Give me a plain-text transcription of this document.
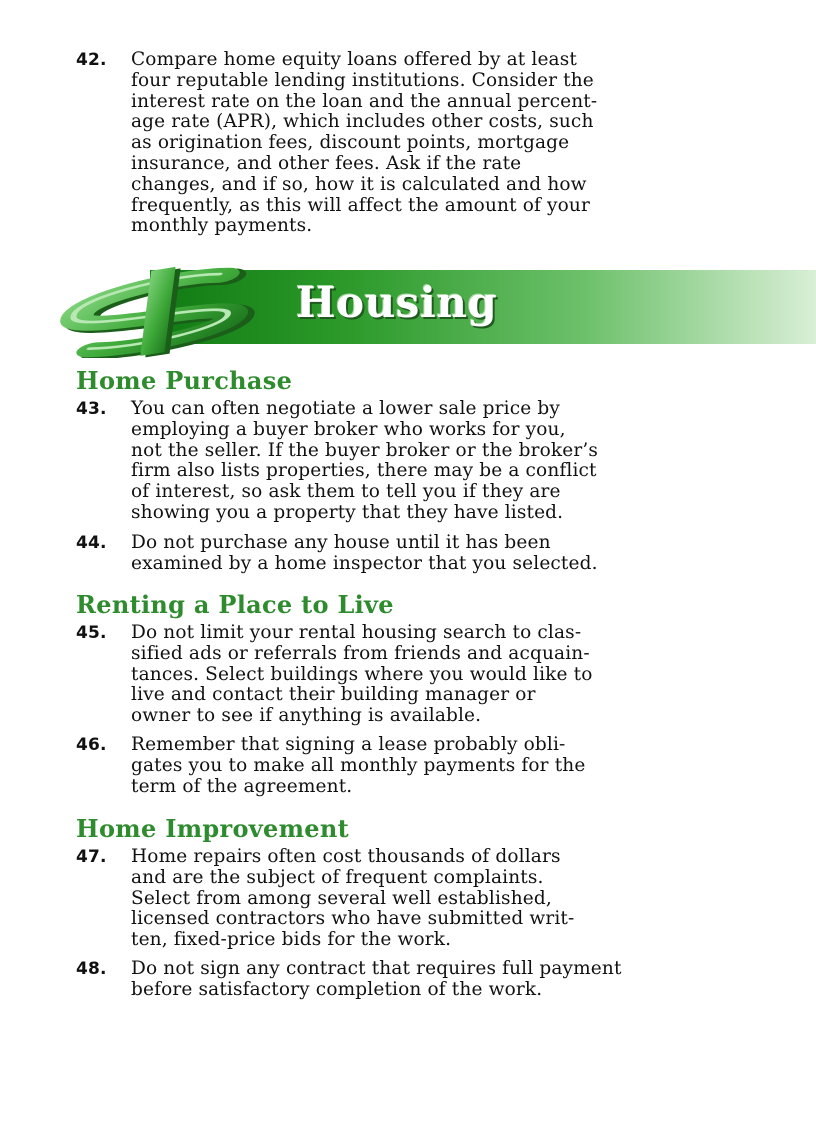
42. Compare home equity loans offered by at least
four reputable lending institutions. Consider the
interest rate on the loan and the annual percent-
age rate (APR), which includes other costs, such
as origination fees, discount points, mortgage
insurance, and other fees. Ask if the rate
changes, and if so, how it is calculated and how
frequently, as this will affect the amount of your
monthly payments.
Housing
Home Purchase
43. You can often negotiate a lower sale price by
employing a buyer broker who works for you,
not the seller. If the buyer broker or the broker’s
firm also lists properties, there may be a conflict
of interest, so ask them to tell you if they are
showing you a property that they have listed.
44. Do not purchase any house until it has been
examined by a home inspector that you selected.
Renting a Place to Live
45. Do not limit your rental housing search to clas-
sified ads or referrals from friends and acquain-
tances. Select buildings where you would like to
live and contact their building manager or
owner to see if anything is available.
46. Remember that signing a lease probably obli-
gates you to make all monthly payments for the
term of the agreement.
Home Improvement
47. Home repairs often cost thousands of dollars
and are the subject of frequent complaints.
Select from among several well established,
licensed contractors who have submitted writ-
ten, fixed-price bids for the work.
48. Do not sign any contract that requires full payment
before satisfactory completion of the work.
